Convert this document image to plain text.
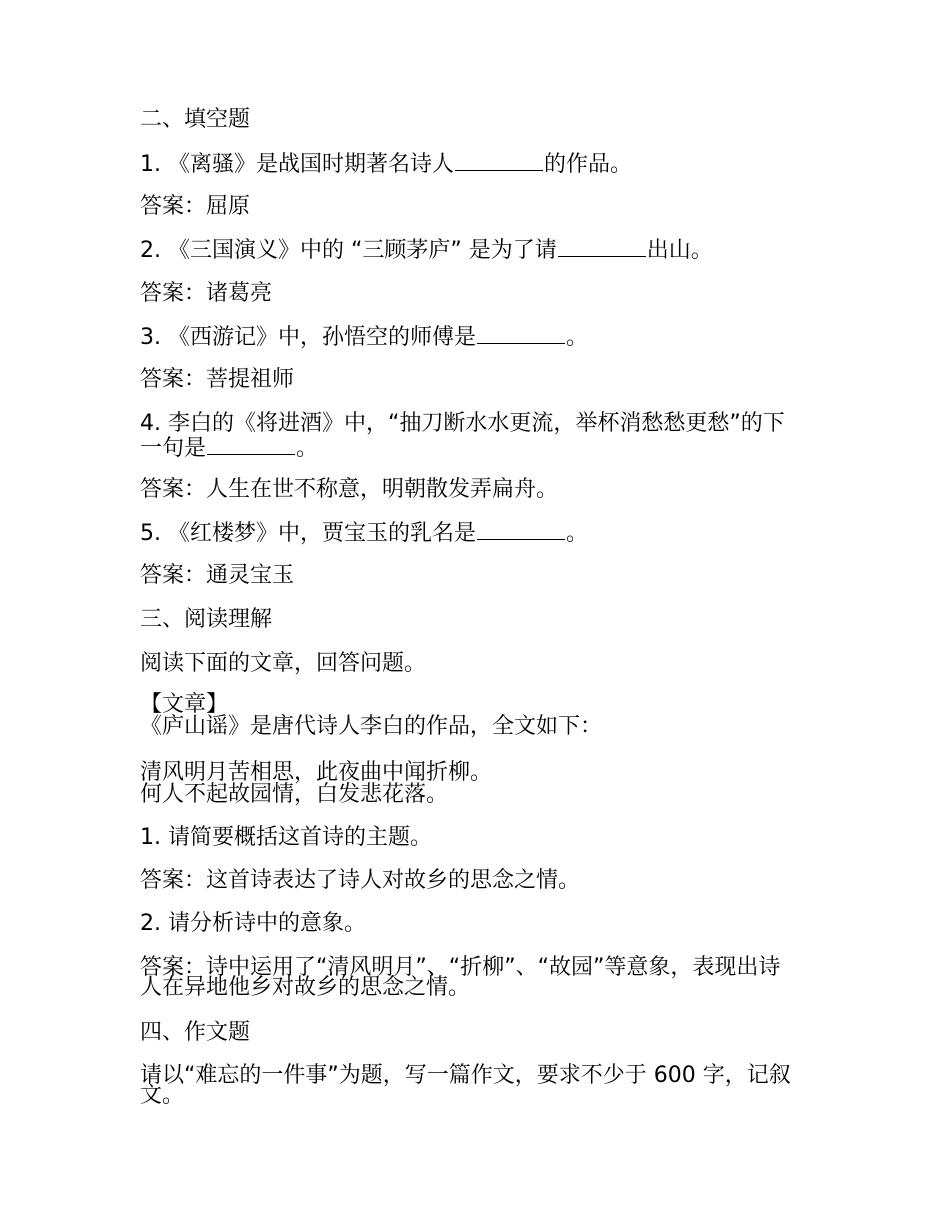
二、填空题
1. 《离骚》是战国时期著名诗人	的作品。
答案：屈原
2. 《三国演义》中的 “三顾茅庐” 是为了请	出山。
答案：诸葛亮
3. 《西游记》中，孙悟空的师傅是	。
答案：菩提祖师
4. 李白的《将进酒》中，“抽刀断水水更流，举杯消愁愁更愁”的下一句是	。
答案：人生在世不称意，明朝散发弄扁舟。
5. 《红楼梦》中，贾宝玉的乳名是	。
答案：通灵宝玉
三、阅读理解
阅读下面的文章，回答问题。
【文章】
《庐山谣》是唐代诗人李白的作品，全文如下：
清风明月苦相思，此夜曲中闻折柳。
何人不起故园情，白发悲花落。
1. 请简要概括这首诗的主题。
答案：这首诗表达了诗人对故乡的思念之情。
2. 请分析诗中的意象。
答案：诗中运用了“清风明月”、“折柳”、“故园”等意象，表现出诗人在异地他乡对故乡的思念之情。
四、作文题
请以“难忘的一件事”为题，写一篇作文，要求不少于 600 字，记叙文。
